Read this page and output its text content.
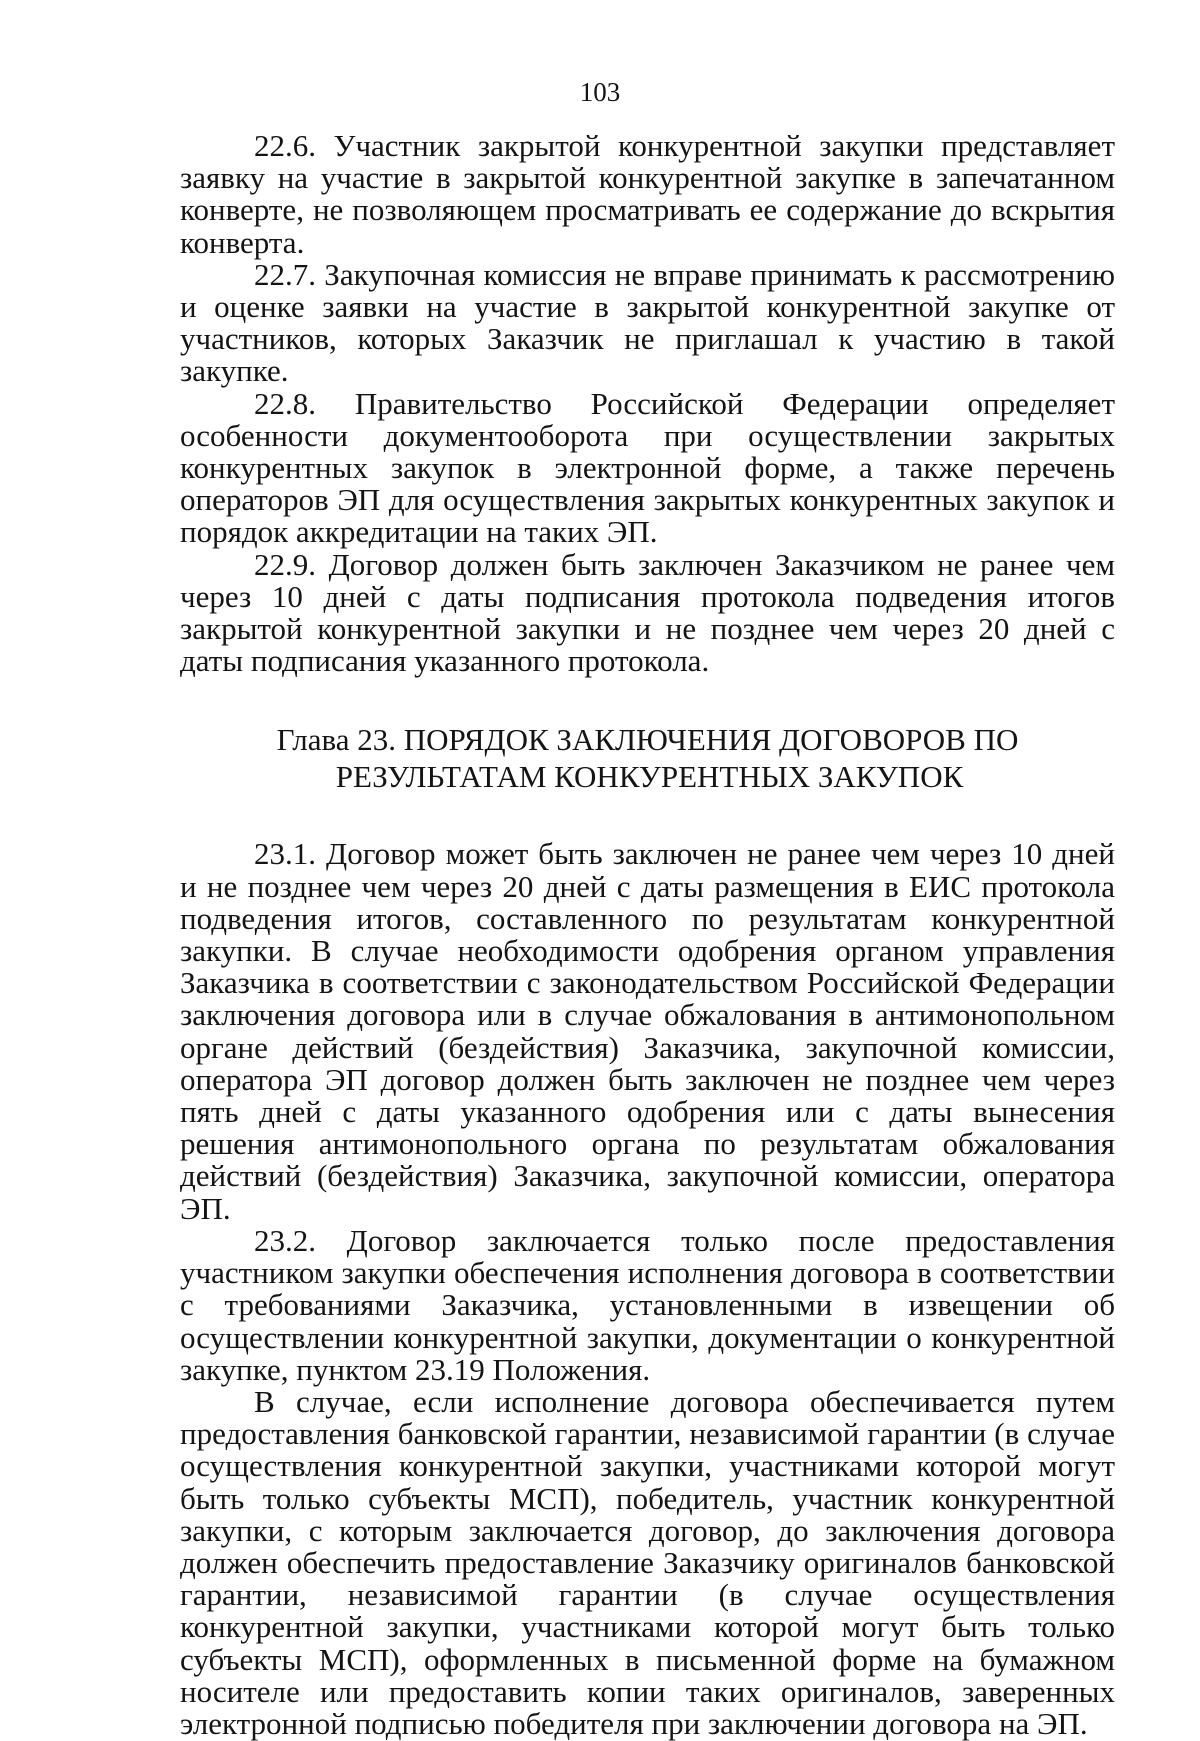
103

22.6. Участник закрытой конкурентной закупки представляет заявку на участие в закрытой конкурентной закупке в запечатанном конверте, не позволяющем просматривать ее содержание до вскрытия конверта.

22.7. Закупочная комиссия не вправе принимать к рассмотрению и оценке заявки на участие в закрытой конкурентной закупке от участников, которых Заказчик не приглашал к участию в такой закупке.

22.8. Правительство Российской Федерации определяет особенности документооборота при осуществлении закрытых конкурентных закупок в электронной форме, а также перечень операторов ЭП для осуществления закрытых конкурентных закупок и порядок аккредитации на таких ЭП.

22.9. Договор должен быть заключен Заказчиком не ранее чем через 10 дней с даты подписания протокола подведения итогов закрытой конкурентной закупки и не позднее чем через 20 дней с даты подписания указанного протокола.

Глава 23. ПОРЯДОК ЗАКЛЮЧЕНИЯ ДОГОВОРОВ ПО
РЕЗУЛЬТАТАМ КОНКУРЕНТНЫХ ЗАКУПОК

23.1. Договор может быть заключен не ранее чем через 10 дней и не позднее чем через 20 дней с даты размещения в ЕИС протокола подведения итогов, составленного по результатам конкурентной закупки. В случае необходимости одобрения органом управления Заказчика в соответствии с законодательством Российской Федерации заключения договора или в случае обжалования в антимонопольном органе действий (бездействия) Заказчика, закупочной комиссии, оператора ЭП договор должен быть заключен не позднее чем через пять дней с даты указанного одобрения или с даты вынесения решения антимонопольного органа по результатам обжалования действий (бездействия) Заказчика, закупочной комиссии, оператора ЭП.

23.2. Договор заключается только после предоставления участником закупки обеспечения исполнения договора в соответствии с требованиями Заказчика, установленными в извещении об осуществлении конкурентной закупки, документации о конкурентной закупке, пунктом 23.19 Положения.

В случае, если исполнение договора обеспечивается путем предоставления банковской гарантии, независимой гарантии (в случае осуществления конкурентной закупки, участниками которой могут быть только субъекты МСП), победитель, участник конкурентной закупки, с которым заключается договор, до заключения договора должен обеспечить предоставление Заказчику оригиналов банковской гарантии, независимой гарантии (в случае осуществления конкурентной закупки, участниками которой могут быть только субъекты МСП), оформленных в письменной форме на бумажном носителе или предоставить копии таких оригиналов, заверенных электронной подписью победителя при заключении договора на ЭП.
